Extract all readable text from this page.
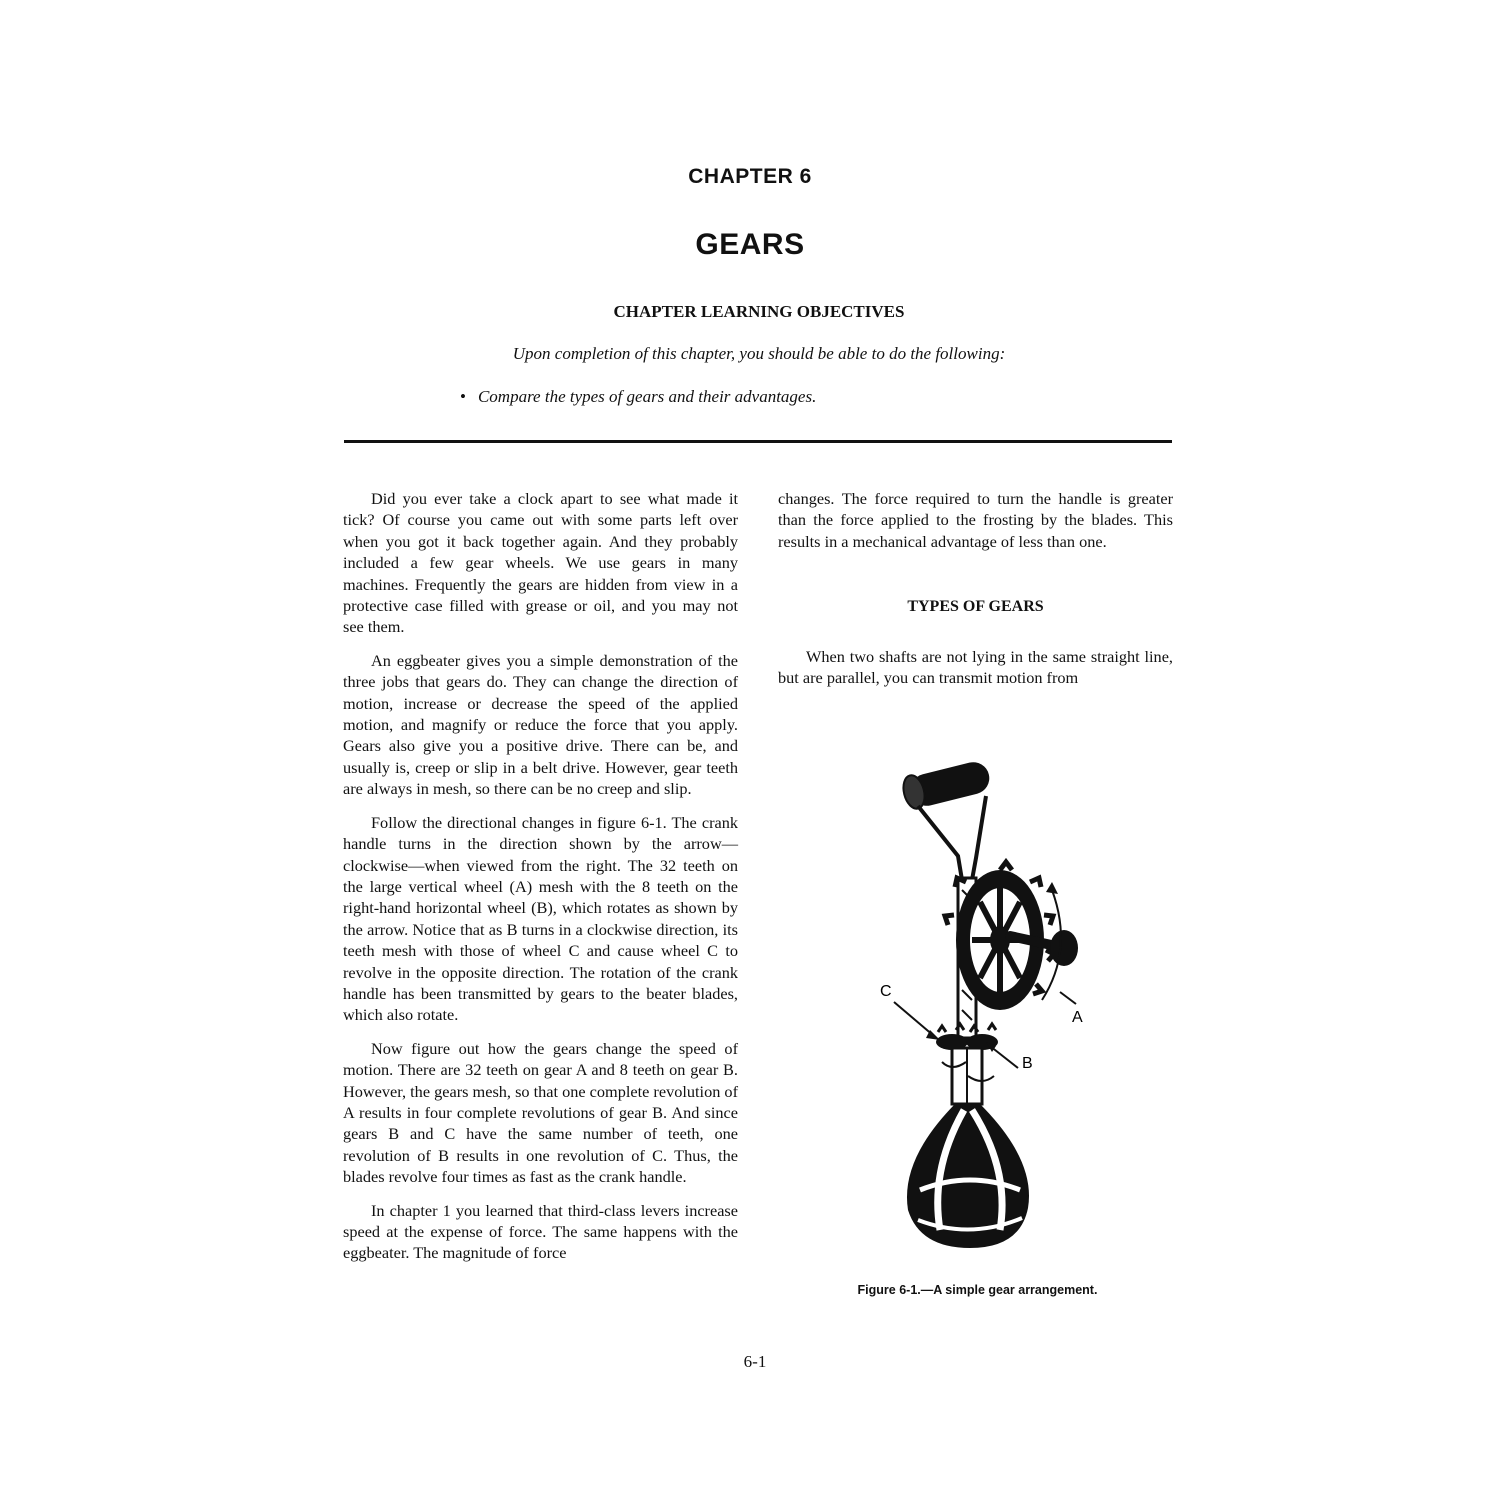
CHAPTER 6
GEARS
CHAPTER LEARNING OBJECTIVES
Upon completion of this chapter, you should be able to do the following:
• Compare the types of gears and their advantages.

Did you ever take a clock apart to see what made it tick? Of course you came out with some parts left over when you got it back together again. And they probably included a few gear wheels. We use gears in many machines. Frequently the gears are hidden from view in a protective case filled with grease or oil, and you may not see them.

An eggbeater gives you a simple demonstration of the three jobs that gears do. They can change the direction of motion, increase or decrease the speed of the applied motion, and magnify or reduce the force that you apply. Gears also give you a positive drive. There can be, and usually is, creep or slip in a belt drive. However, gear teeth are always in mesh, so there can be no creep and slip.

Follow the directional changes in figure 6-1. The crank handle turns in the direction shown by the arrow—clockwise—when viewed from the right. The 32 teeth on the large vertical wheel (A) mesh with the 8 teeth on the right-hand horizontal wheel (B), which rotates as shown by the arrow. Notice that as B turns in a clockwise direction, its teeth mesh with those of wheel C and cause wheel C to revolve in the opposite direction. The rotation of the crank handle has been transmitted by gears to the beater blades, which also rotate.

Now figure out how the gears change the speed of motion. There are 32 teeth on gear A and 8 teeth on gear B. However, the gears mesh, so that one complete revolution of A results in four complete revolutions of gear B. And since gears B and C have the same number of teeth, one revolution of B results in one revolution of C. Thus, the blades revolve four times as fast as the crank handle.

In chapter 1 you learned that third-class levers increase speed at the expense of force. The same happens with the eggbeater. The magnitude of force

changes. The force required to turn the handle is greater than the force applied to the frosting by the blades. This results in a mechanical advantage of less than one.

TYPES OF GEARS

When two shafts are not lying in the same straight line, but are parallel, you can transmit motion from

A
C
B
Figure 6-1.—A simple gear arrangement.
6-1
